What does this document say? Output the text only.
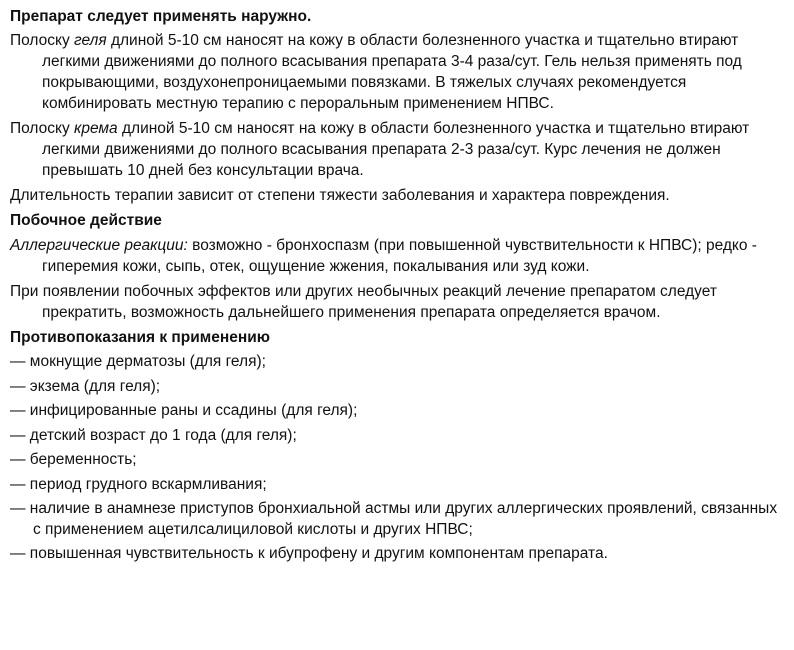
Препарат следует применять наружно.

Полоску геля длиной 5-10 см наносят на кожу в области болезненного участка и тщательно втирают легкими движениями до полного всасывания препарата 3-4 раза/сут. Гель нельзя применять под покрывающими, воздухонепроницаемыми повязками. В тяжелых случаях рекомендуется комбинировать местную терапию с пероральным применением НПВС.

Полоску крема длиной 5-10 см наносят на кожу в области болезненного участка и тщательно втирают легкими движениями до полного всасывания препарата 2-3 раза/сут. Курс лечения не должен превышать 10 дней без консультации врача.

Длительность терапии зависит от степени тяжести заболевания и характера повреждения.

Побочное действие

Аллергические реакции: возможно - бронхоспазм (при повышенной чувствительности к НПВС); редко - гиперемия кожи, сыпь, отек, ощущение жжения, покалывания или зуд кожи.

При появлении побочных эффектов или других необычных реакций лечение препаратом следует прекратить, возможность дальнейшего применения препарата определяется врачом.

Противопоказания к применению

— мокнущие дерматозы (для геля);
— экзема (для геля);
— инфицированные раны и ссадины (для геля);
— детский возраст до 1 года (для геля);
— беременность;
— период грудного вскармливания;
— наличие в анамнезе приступов бронхиальной астмы или других аллергических проявлений, связанных с применением ацетилсалициловой кислоты и других НПВС;
— повышенная чувствительность к ибупрофену и другим компонентам препарата.
